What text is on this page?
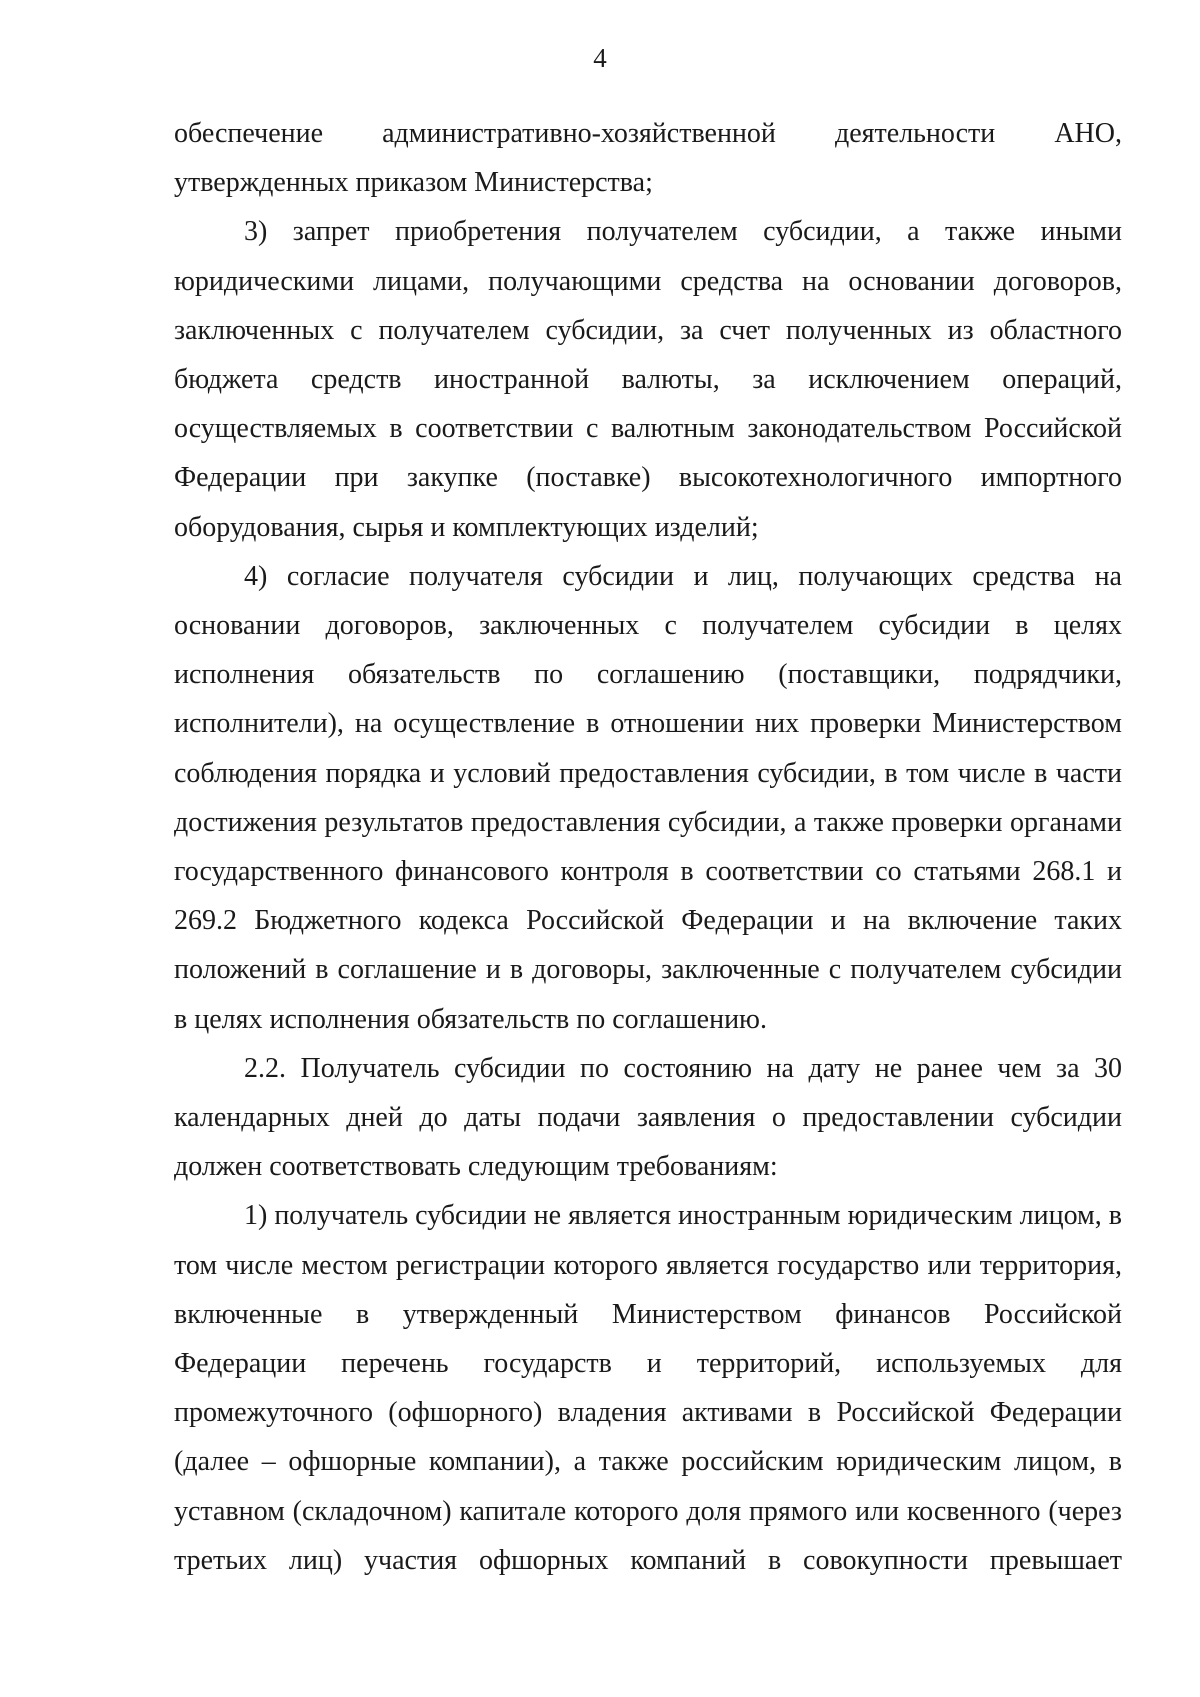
4

обеспечение административно-хозяйственной деятельности АНО, утвержденных приказом Министерства;

3) запрет приобретения получателем субсидии, а также иными юридическими лицами, получающими средства на основании договоров, заключенных с получателем субсидии, за счет полученных из областного бюджета средств иностранной валюты, за исключением операций, осуществляемых в соответствии с валютным законодательством Российской Федерации при закупке (поставке) высокотехнологичного импортного оборудования, сырья и комплектующих изделий;

4) согласие получателя субсидии и лиц, получающих средства на основании договоров, заключенных с получателем субсидии в целях исполнения обязательств по соглашению (поставщики, подрядчики, исполнители), на осуществление в отношении них проверки Министерством соблюдения порядка и условий предоставления субсидии, в том числе в части достижения результатов предоставления субсидии, а также проверки органами государственного финансового контроля в соответствии со статьями 268.1 и 269.2 Бюджетного кодекса Российской Федерации и на включение таких положений в соглашение и в договоры, заключенные с получателем субсидии в целях исполнения обязательств по соглашению.

2.2. Получатель субсидии по состоянию на дату не ранее чем за 30 календарных дней до даты подачи заявления о предоставлении субсидии должен соответствовать следующим требованиям:

1) получатель субсидии не является иностранным юридическим лицом, в том числе местом регистрации которого является государство или территория, включенные в утвержденный Министерством финансов Российской Федерации перечень государств и территорий, используемых для промежуточного (офшорного) владения активами в Российской Федерации (далее – офшорные компании), а также российским юридическим лицом, в уставном (складочном) капитале которого доля прямого или косвенного (через третьих лиц) участия офшорных компаний в совокупности превышает
